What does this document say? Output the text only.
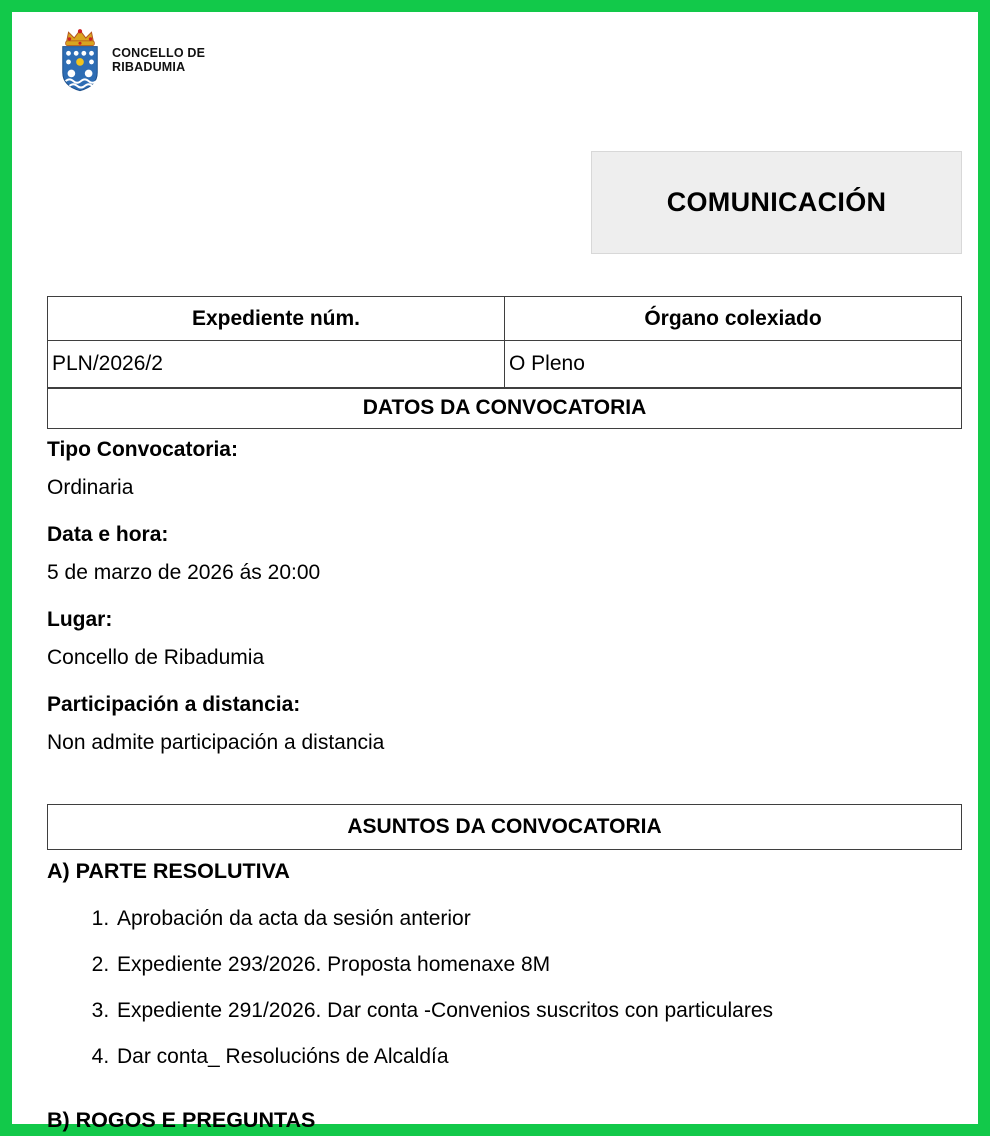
CONCELLO DE
RIBADUMIA
COMUNICACIÓN
Expediente núm.	Órgano colexiado
PLN/2026/2	O Pleno
DATOS DA CONVOCATORIA	
Tipo Convocatoria:
Ordinaria
Data e hora:
5 de marzo de 2026 ás 20:00
Lugar:
Concello de Ribadumia
Participación a distancia:
Non admite participación a distancia
ASUNTOS DA CONVOCATORIA
A) PARTE RESOLUTIVA
1. Aprobación da acta da sesión anterior
2. Expediente 293/2026. Proposta homenaxe 8M
3. Expediente 291/2026. Dar conta -Convenios suscritos con particulares
4. Dar conta_ Resolucións de Alcaldía
B) ROGOS E PREGUNTAS
